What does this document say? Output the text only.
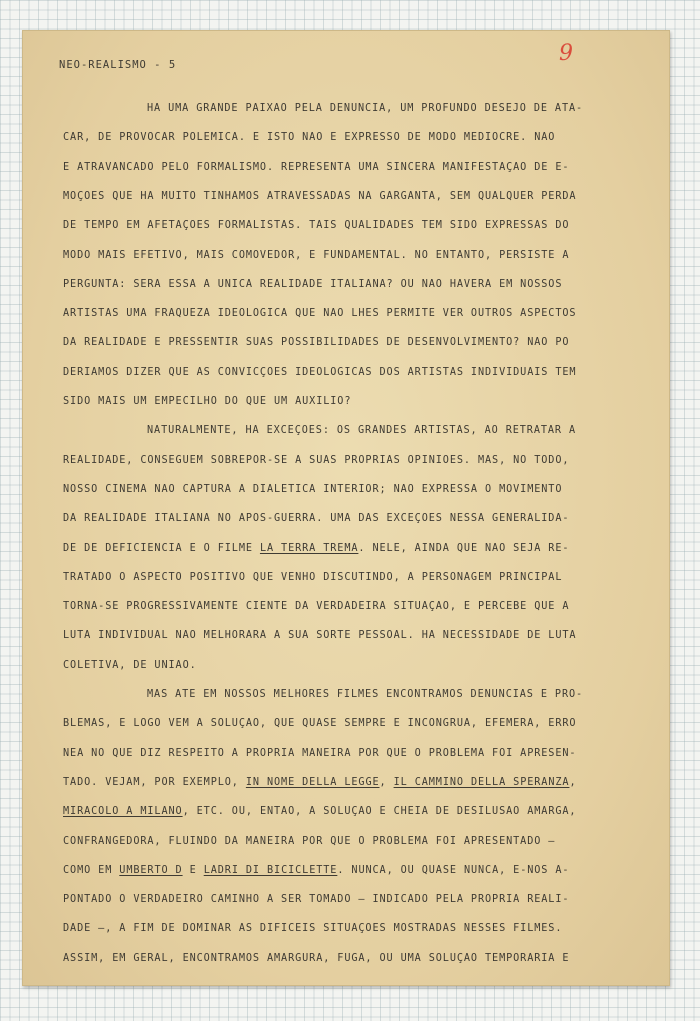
NEO-REALISMO - 5	9
HÁ UMA GRANDE PAIXÃO PELA DENÚNCIA, UM PROFUNDO DESEJO DE ATA-
CAR, DE PROVOCAR POLÊMICA. E ISTO NÃO É EXPRESSO DE MODO MEDÍOCRE. NÃO
É ATRAVANCADO PELO FORMALISMO. REPRESENTA UMA SINCERA MANIFESTAÇÃO DE E-
MOÇÕES QUE HÁ MUITO TÍNHAMOS ATRAVESSADAS NA GARGANTA, SEM QUALQUER PERDA
DE TEMPO EM AFETAÇÕES FORMALISTAS. TAIS QUALIDADES TÊM SIDO EXPRESSAS DO
MODO MAIS EFETIVO, MAIS COMOVEDOR, E FUNDAMENTAL. NO ENTANTO, PERSISTE A
PERGUNTA: SERÁ ESSA A ÚNICA REALIDADE ITALIANA? OU NÃO HAVERÁ EM NOSSOS
ARTISTAS UMA FRAQUEZA IDEOLÓGICA QUE NÃO LHES PERMITE VER OUTROS ASPECTOS
DA REALIDADE E PRESSENTIR SUAS POSSIBILIDADES DE DESENVOLVIMENTO? NÃO PO
DERÍAMOS DIZER QUE AS CONVICÇÕES IDEOLÓGICAS DOS ARTISTAS INDIVIDUAIS TÊM
SIDO MAIS UM EMPECILHO DO QUE UM AUXÍLIO?
NATURALMENTE, HÁ EXCEÇÕES: OS GRANDES ARTISTAS, AO RETRATAR A
REALIDADE, CONSEGUEM SOBREPÔR-SE A SUAS PRÓPRIAS OPINIÕES. MAS, NO TODO,
NOSSO CINEMA NÃO CAPTURA A DIALÉTICA INTERIOR; NÃO EXPRESSA O MOVIMENTO
DA REALIDADE ITALIANA NO APÓS-GUERRA. UMA DAS EXCEÇÕES NESSA GENERALIDA-
DE DE DEFICIÊNCIA É O FILME LA TERRA TREMA. NÊLE, AINDA QUE NÃO SEJA RE-
TRATADO O ASPECTO POSITIVO QUE VENHO DISCUTINDO, A PERSONAGEM PRINCIPAL
TORNA-SE PROGRESSIVAMENTE CIENTE DA VERDADEIRA SITUAÇÃO, E PERCEBE QUE A
LUTA INDIVIDUAL NÃO MELHORARÁ A SUA SORTE PESSOAL. HÁ NECESSIDADE DE LUTA
COLETIVA, DE UNIÃO.
MAS ATÉ EM NOSSOS MELHORES FILMES ENCONTRAMOS DENÚNCIAS E PRO-
BLEMAS, E LOGO VEM A SOLUÇÃO, QUE QUASE SEMPRE É INCÔNGRUA, EFÊMERA, ERRÔ
NEA NO QUE DIZ RESPEITO À PRÓPRIA MANEIRA POR QUE O PROBLEMA FOI APRESEN-
TADO. VEJAM, POR EXEMPLO, IN NOME DELLA LEGGE, IL CAMMINO DELLA SPERANZA,
MIRACOLO A MILANO, ETC. OU, ENTÃO, A SOLUÇÃO É CHEIA DE DESILUSÃO AMARGA,
CONFRANGEDORA, FLUINDO DA MANEIRA POR QUE O PROBLEMA FOI APRESENTADO —
COMO EM UMBERTO D E LADRI DI BICICLETTE. NUNCA, OU QUASE NUNCA, É-NOS A-
PONTADO O VERDADEIRO CAMINHO A SER TOMADO — INDICADO PELA PRÓPRIA REALI-
DADE —, A FIM DE DOMINAR AS DIFÍCEIS SITUAÇÕES MOSTRADAS NESSES FILMES.
ASSIM, EM GERAL, ENCONTRAMOS AMARGURA, FUGA, OU UMA SOLUÇÃO TEMPORÁRIA E
